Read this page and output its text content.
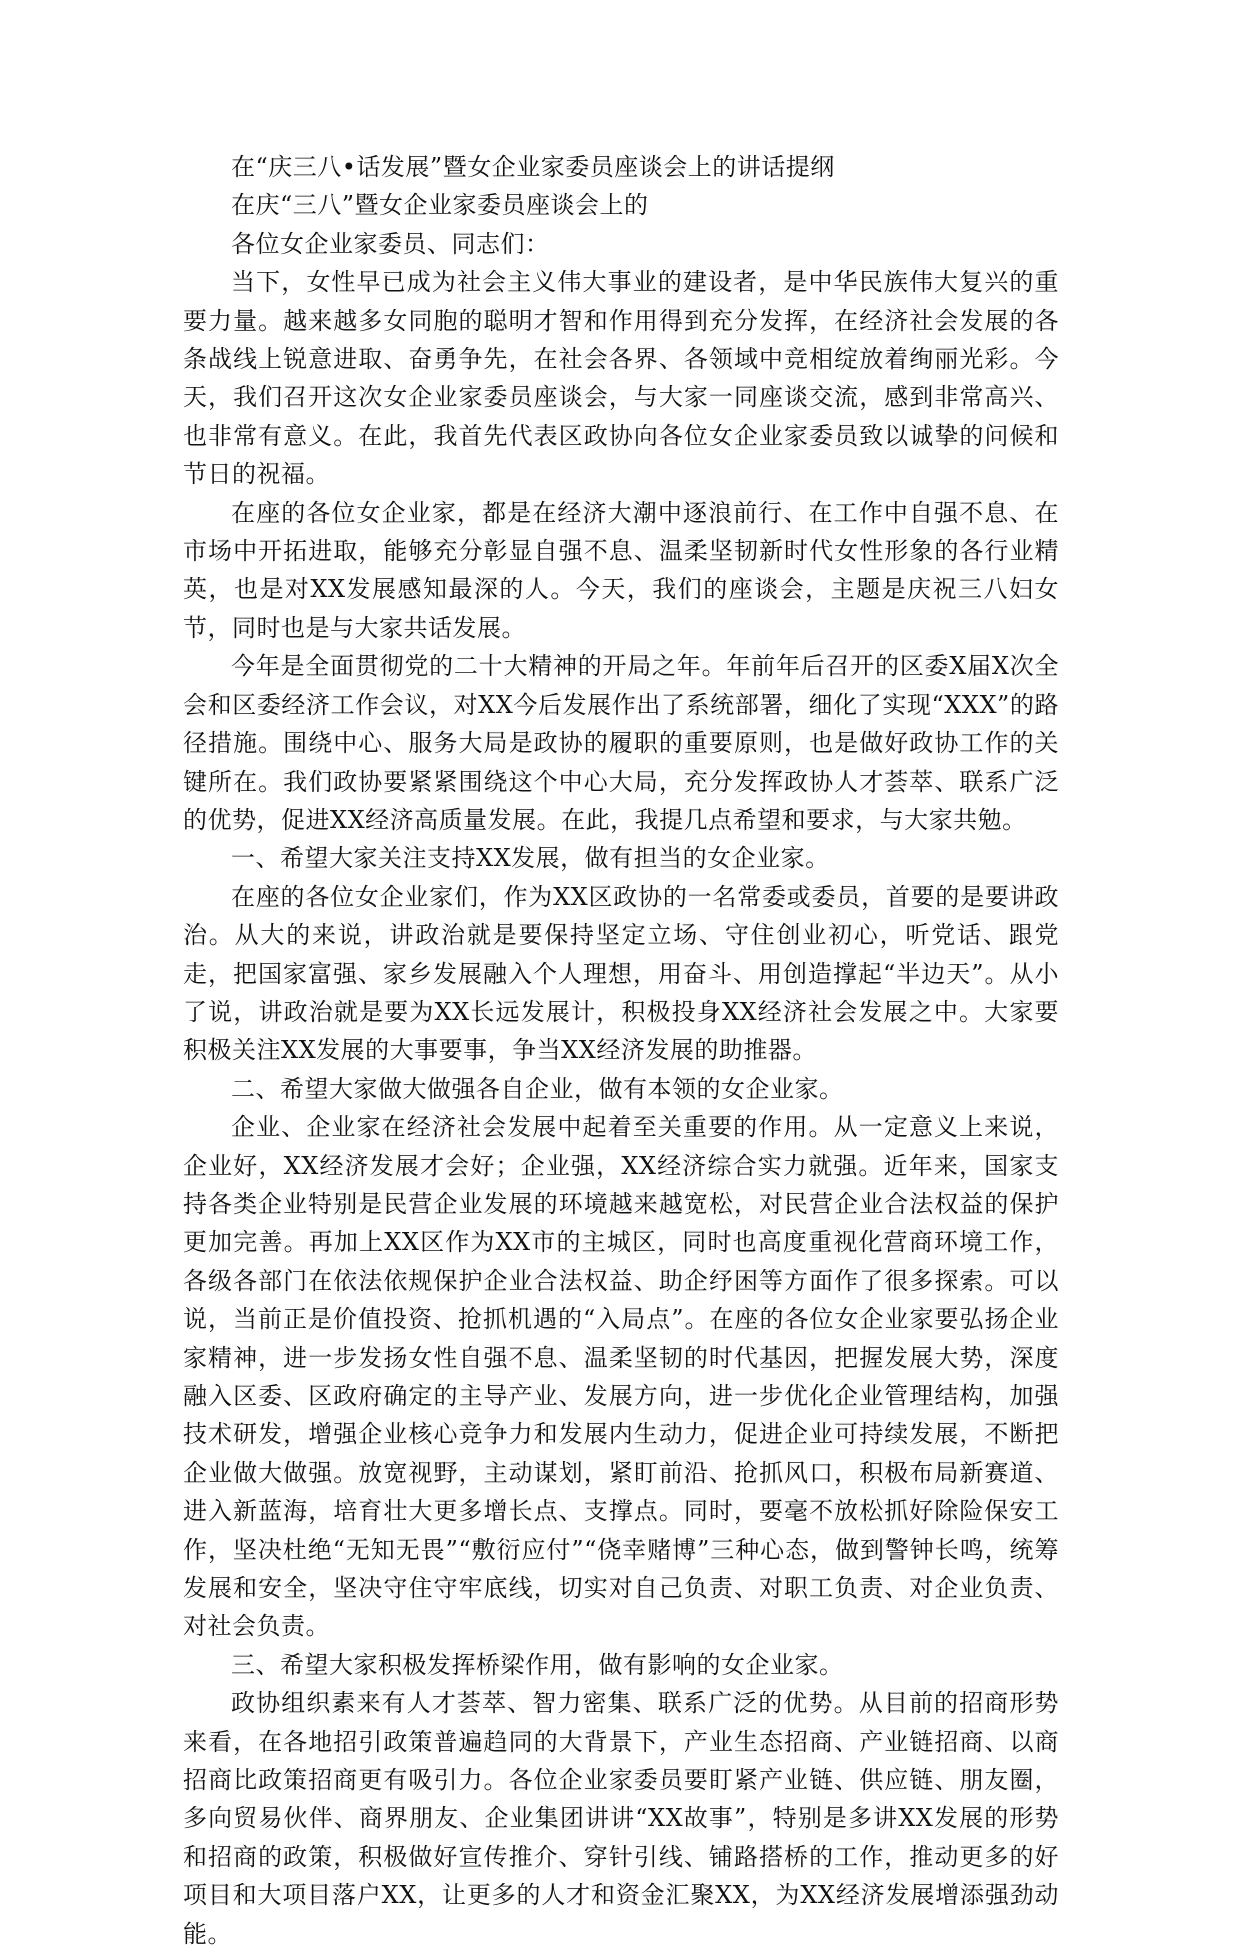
在“庆三八•话发展”暨女企业家委员座谈会上的讲话提纲

在庆“三八”暨女企业家委员座谈会上的

各位女企业家委员、同志们：

当下，女性早已成为社会主义伟大事业的建设者，是中华民族伟大复兴的重要力量。越来越多女同胞的聪明才智和作用得到充分发挥，在经济社会发展的各条战线上锐意进取、奋勇争先，在社会各界、各领域中竞相绽放着绚丽光彩。今天，我们召开这次女企业家委员座谈会，与大家一同座谈交流，感到非常高兴、也非常有意义。在此，我首先代表区政协向各位女企业家委员致以诚挚的问候和节日的祝福。

在座的各位女企业家，都是在经济大潮中逐浪前行、在工作中自强不息、在市场中开拓进取，能够充分彰显自强不息、温柔坚韧新时代女性形象的各行业精英，也是对XX发展感知最深的人。今天，我们的座谈会，主题是庆祝三八妇女节，同时也是与大家共话发展。

今年是全面贯彻党的二十大精神的开局之年。年前年后召开的区委X届X次全会和区委经济工作会议，对XX今后发展作出了系统部署，细化了实现“XXX”的路径措施。围绕中心、服务大局是政协的履职的重要原则，也是做好政协工作的关键所在。我们政协要紧紧围绕这个中心大局，充分发挥政协人才荟萃、联系广泛的优势，促进XX经济高质量发展。在此，我提几点希望和要求，与大家共勉。

一、希望大家关注支持XX发展，做有担当的女企业家。

在座的各位女企业家们，作为XX区政协的一名常委或委员，首要的是要讲政治。从大的来说，讲政治就是要保持坚定立场、守住创业初心，听党话、跟党走，把国家富强、家乡发展融入个人理想，用奋斗、用创造撑起“半边天”。从小了说，讲政治就是要为XX长远发展计，积极投身XX经济社会发展之中。大家要积极关注XX发展的大事要事，争当XX经济发展的助推器。

二、希望大家做大做强各自企业，做有本领的女企业家。

企业、企业家在经济社会发展中起着至关重要的作用。从一定意义上来说，企业好，XX经济发展才会好；企业强，XX经济综合实力就强。近年来，国家支持各类企业特别是民营企业发展的环境越来越宽松，对民营企业合法权益的保护更加完善。再加上XX区作为XX市的主城区，同时也高度重视化营商环境工作，各级各部门在依法依规保护企业合法权益、助企纾困等方面作了很多探索。可以说，当前正是价值投资、抢抓机遇的“入局点”。在座的各位女企业家要弘扬企业家精神，进一步发扬女性自强不息、温柔坚韧的时代基因，把握发展大势，深度融入区委、区政府确定的主导产业、发展方向，进一步优化企业管理结构，加强技术研发，增强企业核心竞争力和发展内生动力，促进企业可持续发展，不断把企业做大做强。放宽视野，主动谋划，紧盯前沿、抢抓风口，积极布局新赛道、进入新蓝海，培育壮大更多增长点、支撑点。同时，要毫不放松抓好除险保安工作，坚决杜绝“无知无畏”“敷衍应付”“侥幸赌博”三种心态，做到警钟长鸣，统筹发展和安全，坚决守住守牢底线，切实对自己负责、对职工负责、对企业负责、对社会负责。

三、希望大家积极发挥桥梁作用，做有影响的女企业家。

政协组织素来有人才荟萃、智力密集、联系广泛的优势。从目前的招商形势来看，在各地招引政策普遍趋同的大背景下，产业生态招商、产业链招商、以商招商比政策招商更有吸引力。各位企业家委员要盯紧产业链、供应链、朋友圈，多向贸易伙伴、商界朋友、企业集团讲讲“XX故事”，特别是多讲XX发展的形势和招商的政策，积极做好宣传推介、穿针引线、铺路搭桥的工作，推动更多的好项目和大项目落户XX，让更多的人才和资金汇聚XX，为XX经济发展增添强劲动能。
